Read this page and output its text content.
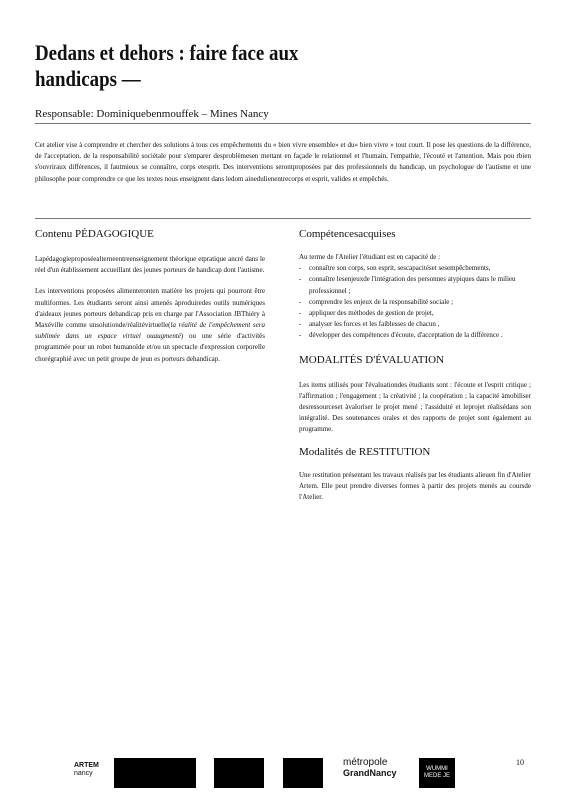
Dedans et dehors : faire face aux handicaps —
Responsable: Dominiquebenmouffek – Mines Nancy

Cet atelier vise à comprendre et chercher des solutions à tous ces empêchements du « bien vivre ensemble» et du« bien vivre » tout court. Il pose les questions de la différence, de l'acceptation, de la responsabilité sociétale pour s'emparer desproblèmesen mettant en façade le relationnel et l'humain, l'empathie, l'écouté et l'attention. Mais pou rbien s'ouvriraux différences, il fautmieux se connaître, corps etesprit. Des interventions serontproposées par des professionnels du handicap, un psychologue de l'autisme et une philosophe pour comprendre ce que les textes nous enseignent dans ledom ainedulienentrecorps et esprit, valides et empêchés.

Contenu PÉDAGOGIQUE

Lapédagogieproposéealterneentreenseignement théorique etpratique ancré dans le réel d'un établissement accueillant des jeunes porteurs de handicap dont l'autisme.

Les interventions proposées alimenteronten matière les projets qui pourront être multiformes. Les étudiants seront ainsi amenés àproduiredes outils numériques d'aideaux jeunes porteurs dehandicap pris en charge par l'Association JBThiéry à Maxéville comme unsolutionde/réalitévirtuelle(la réalité de l'empêchement sera sublimée dans un espace virtuel ouaugmenté) ou une série d'activités programmée pour un robot humanoïde et/ou un spectacle d'expression corporelle chorégraphié avec un petit groupe de jeun es porteurs dehandicap.

Compétencesacquises

Au terme de l'Atelier l'étudiant est en capacité de :

- connaître son corps, son esprit, sescapacitéset sesempêchements,
- connaître lesenjeuxde l'intégration des personnes atypiques dans le milieu professionnel ;
- comprendre les enjeux de la responsabilité sociale ;
- appliquer des méthodes de gestion de projet,
- analyser les forces et les faiblesses de chacun ,
- développer des compétences d'écoute, d'acceptation de la différence .
MODALITÉS D'ÉVALUATION

Les items utilisés pour l'évaluationdes étudiants sont : l'écoute et l'esprit critique ; l'affirmation ; l'engagement ; la créativité ; la coopération ; la capacité àmobiliser desressourceset àvaloriser le projet mené ; l'assiduité et leprojet réalisédans son intégralité. Des soutenances orales et des rapports de projet sont également au programme.

Modalités de RESTITUTION

Une restitution présentant les travaux réalisés par les étudiants alieuen fin d'Atelier Artem. Elle peut prendre diverses formes à partir des projets menés au coursde l'Atelier.

ARTEM
nancy
métropole
GrandNancy	WUMMI MEDE JE
10
